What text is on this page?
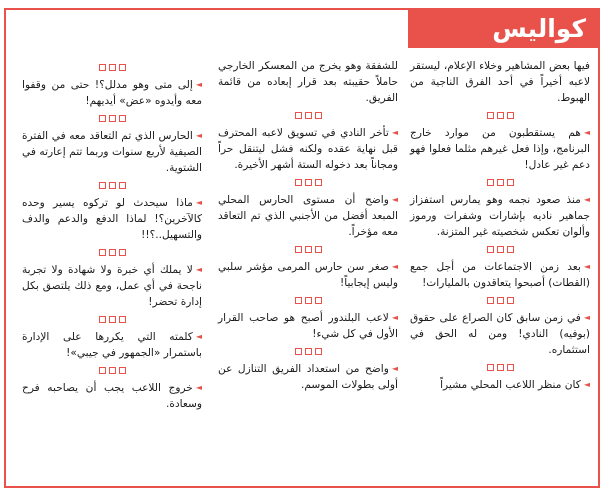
كواليس
فيها بعض المشاهير وخلاء الإعلام، ليستقر لاعبه أخيراً في أحد الفرق الناجية من الهبوط.
◄هم يستقطبون من موارد خارج البرنامج، وإذا فعل غيرهم مثلما فعلوا فهو دعم غير عادل!
◄منذ صعود نجمه وهو يمارس استفزاز جماهير ناديه بإشارات وشفرات ورموز وألوان تعكس شخصيته غير المتزنة.
◄بعد زمن الاجتماعات من أجل جمع (القطات) أصبحوا يتعاقدون بالمليارات!
◄في زمن سابق كان الصراع على حقوق (بوفيه) النادي! ومن له الحق في استثماره.
◄كان منظر اللاعب المحلي مشيراً
للشفقة وهو يخرج من المعسكر الخارجي حاملاً حقيبته بعد قرار إبعاده من قائمة الفريق.
◄تأخر النادي في تسويق لاعبه المحترف قبل نهاية عقده ولكنه فشل ليتنقل حراً ومجاناً بعد دخوله الستة أشهر الأخيرة.
◄واضح أن مستوى الحارس المحلي المبعد أفضل من الأجنبي الذي تم التعاقد معه مؤخراً.
◄صغر سن حارس المرمى مؤشر سلبي وليس إيجابياً!
◄لاعب البلندور أصبح هو صاحب القرار الأول في كل شيء!
◄واضح من استعداد الفريق التنازل عن أولى بطولات الموسم.
◄إلى متى وهو مدلل؟! حتى من وقفوا معه وأيدوه «عض» أيديهم!
◄الحارس الذي تم التعاقد معه في الفترة الصيفية لأربع سنوات وربما تتم إعارته في الشتوية.
◄ماذا سيحدث لو تركوه يسير وحده كالآخرين؟! لماذا الدفع والدعم والدف والتسهيل..؟!!
◄لا يملك أي خبرة ولا شهادة ولا تجربة ناجحة في أي عمل، ومع ذلك يلتصق بكل إدارة تحضر!
◄كلمته التي يكررها على الإدارة باستمرار «الجمهور في جيبي»!
◄خروج اللاعب يجب أن يصاحبه فرح وسعادة.
